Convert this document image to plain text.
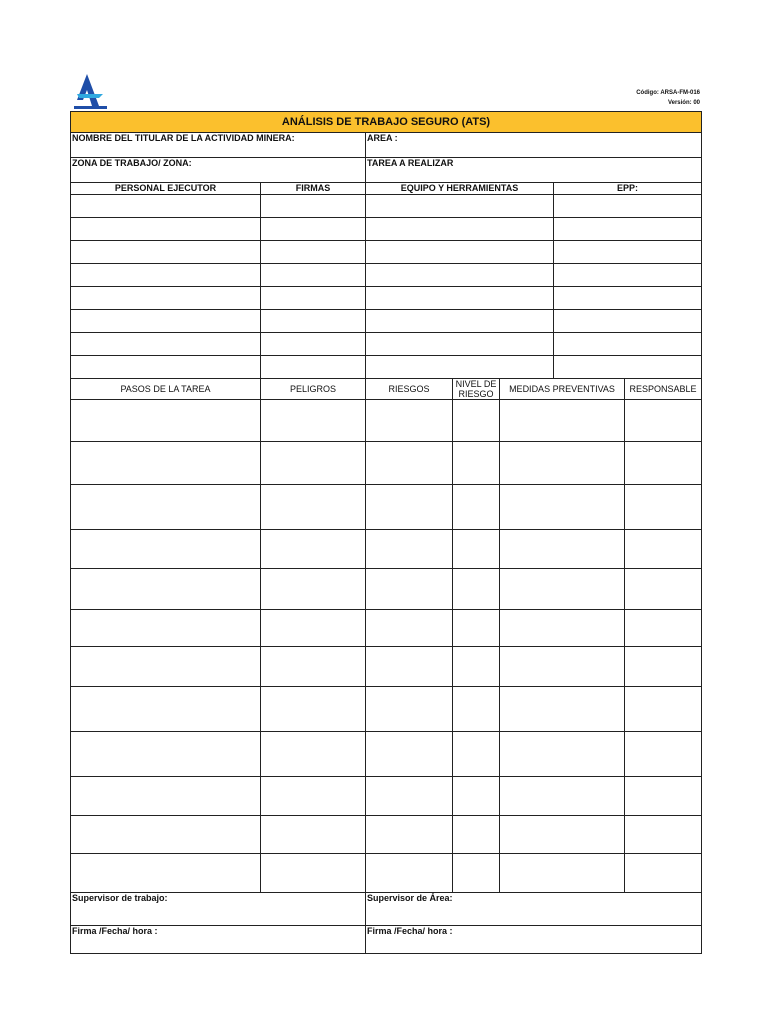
Código: ARSA-FM-016
Versión: 00
ANÁLISIS DE TRABAJO SEGURO (ATS)						
NOMBRE DEL TITULAR DE LA ACTIVIDAD MINERA:		AREA :				
ZONA DE TRABAJO/ ZONA:		TAREA A REALIZAR				
PERSONAL EJECUTOR	FIRMAS	EQUIPO Y HERRAMIENTAS			EPP:	

PASOS DE LA TAREA	PELIGROS	RIESGOS	NIVEL DE RIESGO	MEDIDAS PREVENTIVAS		RESPONSABLE

Supervisor de trabajo:		Supervisor de Área:				
Firma /Fecha/ hora :		Firma /Fecha/ hora :				
